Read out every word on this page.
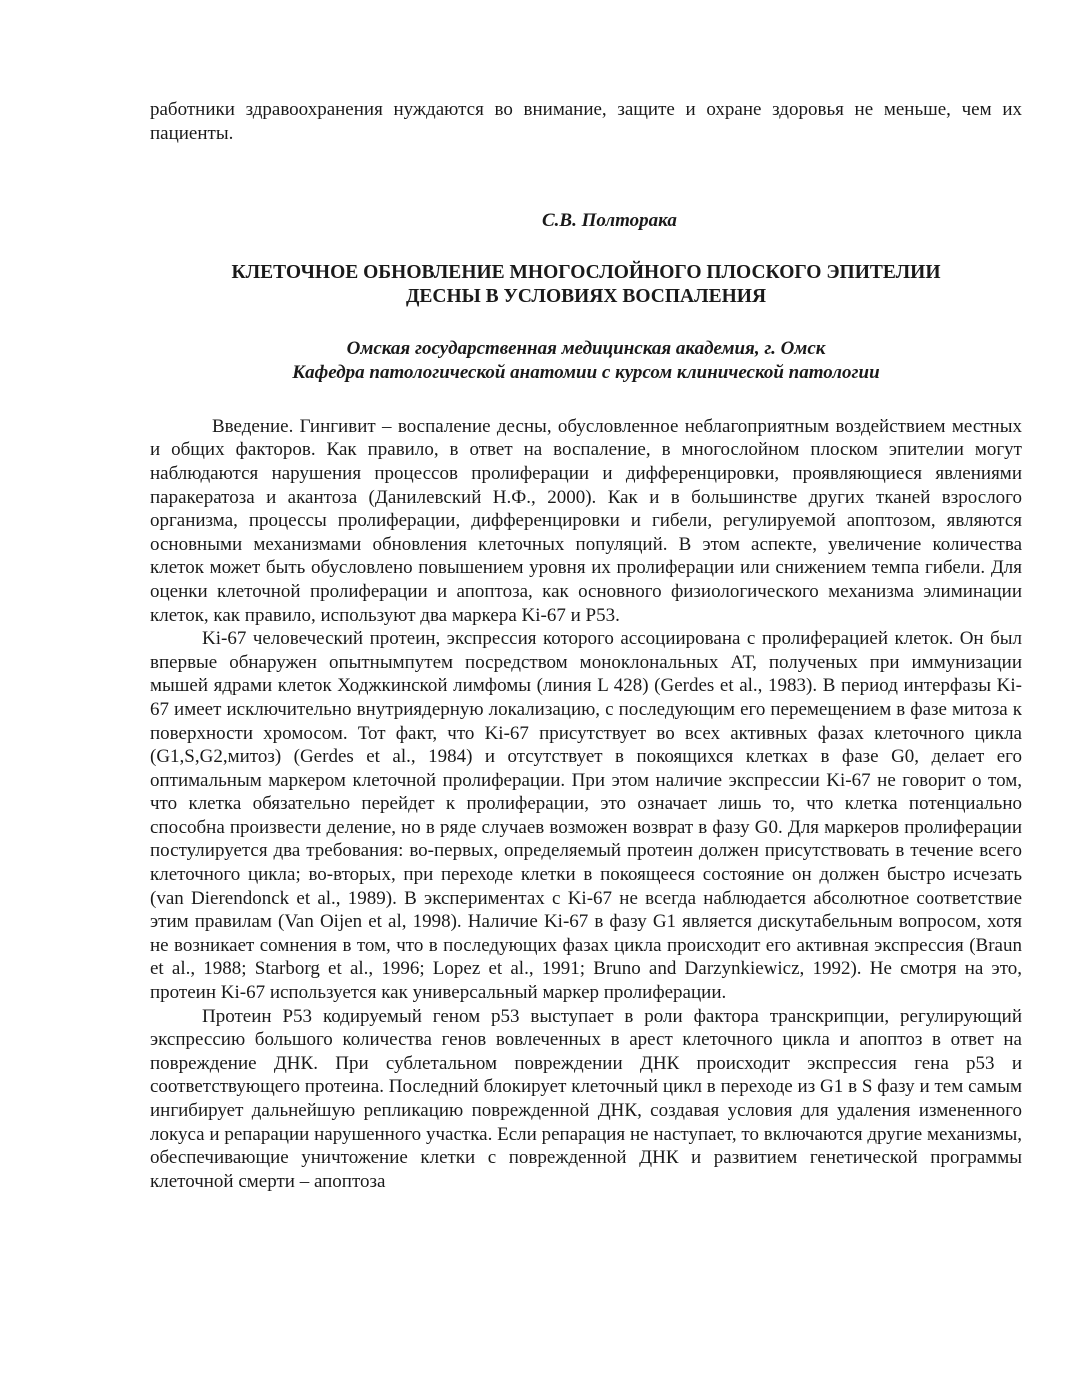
работники здравоохранения нуждаются во внимание, защите и охране здоровья не меньше, чем их пациенты.

С.В. Полторака

КЛЕТОЧНОЕ ОБНОВЛЕНИЕ МНОГОСЛОЙНОГО ПЛОСКОГО ЭПИТЕЛИИ
ДЕСНЫ В УСЛОВИЯХ ВОСПАЛЕНИЯ
Омская государственная медицинская академия, г. Омск
Кафедра патологической анатомии с курсом клинической патологии

Введение. Гингивит – воспаление десны, обусловленное неблагоприятным воздействием местных и общих факторов. Как правило, в ответ на воспаление, в многослойном плоском эпителии могут наблюдаются нарушения процессов пролиферации и дифференцировки, проявляющиеся явлениями паракератоза и акантоза (Данилевский Н.Ф., 2000). Как и в большинстве других тканей взрослого организма, процессы пролиферации, дифференцировки и гибели, регулируемой апоптозом, являются основными механизмами обновления клеточных популяций. В этом аспекте, увеличение количества клеток может быть обусловлено повышением уровня их пролиферации или снижением темпа гибели. Для оценки клеточной пролиферации и апоптоза, как основного физиологического механизма элиминации клеток, как правило, используют два маркера Ki-67 и P53.

Ki-67 человеческий протеин, экспрессия которого ассоциирована с пролиферацией клеток. Он был впервые обнаружен опытнымпутем посредством моноклональных АТ, полученых при иммунизации мышей ядрами клеток Ходжкинской лимфомы (линия L 428) (Gerdes et al., 1983). В период интерфазы Ki-67 имеет исключительно внутриядерную локализацию, с последующим его перемещением в фазе митоза к поверхности хромосом. Тот факт, что Ki-67 присутствует во всех активных фазах клеточного цикла (G1,S,G2,митоз) (Gerdes et al., 1984) и отсутствует в покоящихся клетках в фазе G0, делает его оптимальным маркером клеточной пролиферации. При этом наличие экспрессии Ki-67 не говорит о том, что клетка обязательно перейдет к пролиферации, это означает лишь то, что клетка потенциально способна произвести деление, но в ряде случаев возможен возврат в фазу G0. Для маркеров пролиферации постулируется два требования: во-первых, определяемый протеин должен присутствовать в течение всего клеточного цикла; во-вторых, при переходе клетки в покоящееся состояние он должен быстро исчезать (van Dierendonck et al., 1989). В экспериментах с Ki-67 не всегда наблюдается абсолютное соответствие этим правилам (Van Oijen et al, 1998). Наличие Ki-67 в фазу G1 является дискутабельным вопросом, хотя не возникает сомнения в том, что в последующих фазах цикла происходит его активная экспрессия (Braun et al., 1988; Starborg et al., 1996; Lopez et al., 1991; Bruno and Darzynkiewicz, 1992). Не смотря на это, протеин Ki-67 используется как универсальный маркер пролиферации.

Протеин P53 кодируемый геном p53 выступает в роли фактора транскрипции, регулирующий экспрессию большого количества генов вовлеченных в арест клеточного цикла и апоптоз в ответ на повреждение ДНК. При сублетальном повреждении ДНК происходит экспрессия гена p53 и соответствующего протеина. Последний блокирует клеточный цикл в переходе из G1 в S фазу и тем самым ингибирует дальнейшую репликацию поврежденной ДНК, создавая условия для удаления измененного локуса и репарации нарушенного участка. Если репарация не наступает, то включаются другие механизмы, обеспечивающие уничтожение клетки с поврежденной ДНК и развитием генетической программы клеточной смерти – апоптоза
